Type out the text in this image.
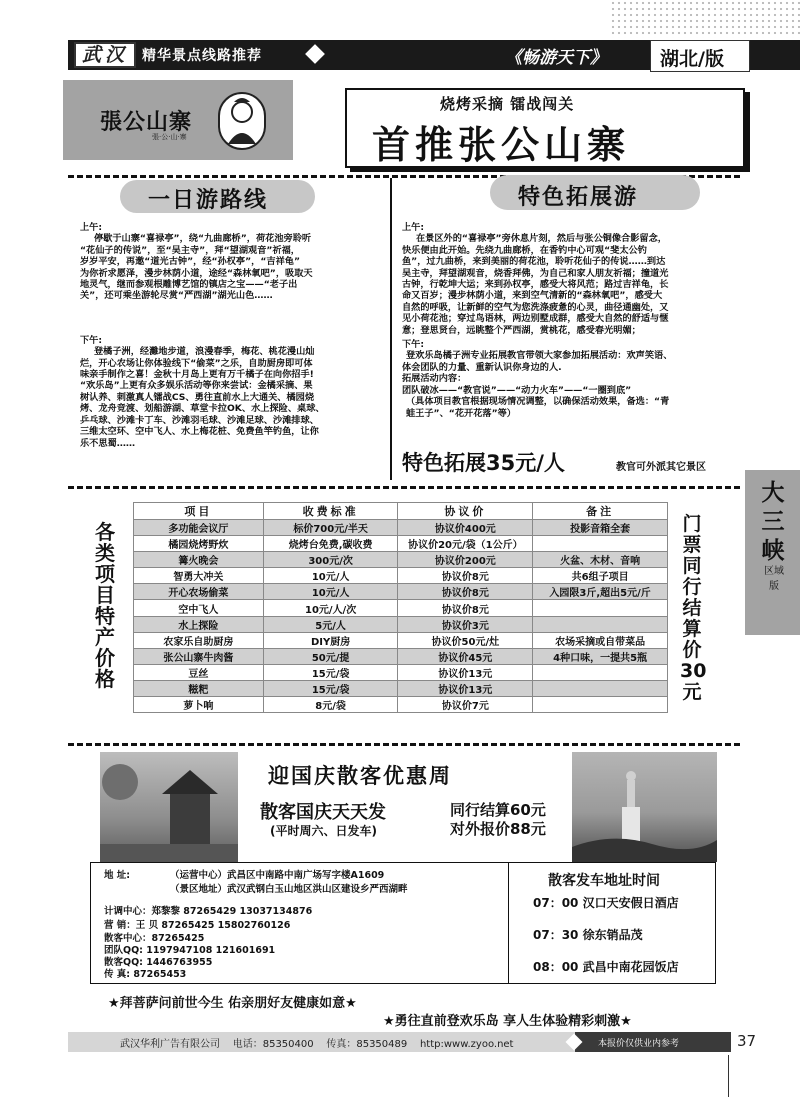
武汉	精华景点线路推荐	《畅游天下》	湖北/版
張公山寨
張·公·山·寨
烧烤采摘 镭战闯关
首推张公山寨
一日游路线	特色拓展游
上午:
停歇于山寨“喜禄亭”，绕“九曲廊桥”，荷花池旁聆听
“花仙子的传说”，至“吴主寺”，拜“望湖观音”祈福，
岁岁平安，再邀“道光古钟”，经“孙权亭”，“吉祥龟”
为你祈求愿泽，漫步林荫小道，途经“森林氧吧”，吸取天
地灵气，继而参观根雕博艺馆的镇店之宝——“老子出
关”，还可乘坐游轮尽赏“严西湖”湖光山色……
下午:
登橘子洲，经灘地步道，浪漫春季，梅花、桃花漫山灿
烂，开心农场让你体验线下“偷菜”之乐，自助厨房即可体
味亲手制作之喜！金秋十月岛上更有万千橘子在向你招手!
“欢乐岛”上更有众多娱乐活动等你来尝试：金橘采摘、果
树认养、刺激真人镭战CS、勇往直前水上大通关、橘园烧
烤、龙舟竞渡、划船游湖、草堂卡拉OK、水上探险、桌球、
乒乓球、沙滩卡丁车、沙滩羽毛球、沙滩足球、沙滩排球、
三维太空环、空中飞人、水上梅花桩、免费鱼竿钓鱼，让你
乐不思蜀……
上午:
在景区外的“喜禄亭”旁休息片刻，然后与张公铜像合影留念，
快乐便由此开始。先绕九曲廊桥，在香钓中心可观“斐太公钓
鱼”，过九曲桥，来到美丽的荷花池，聆听花仙子的传说……到达
吴主寺，拜望湖观音，烧香拜佛，为自己和家人朋友祈福；撞道光
古钟，行乾坤大运；来到孙权亭，感受大将风范；路过吉祥龟，长
命又百岁；漫步林荫小道，来到空气清新的“森林氧吧”，感受大
自然的呼吸，让新鲜的空气为您洗涤疲惫的心灵，曲径通幽处，又
见小荷花池；穿过鸟语林，两边别墅成群，感受大自然的舒适与惬
意；登思贤台，远眺整个严西湖，赏桃花，感受春光明媚；
下午:
登欢乐岛橘子洲专业拓展教官带领大家参加拓展活动：欢声笑语、
体会团队的力量、重新认识你身边的人.
拓展活动内容：
团队破冰——“教官说”——“动力火车”——“一圈到底”
（具体项目教官根据现场情况调整，以确保活动效果，备选：“青
蛙王子”、“花开花落”等）
特色拓展35元/人	教官可外派其它景区
大三峡
区域版
各类项目特产价格
门票同行结算价30元
项目	收费标准	协议价	备注
多功能会议厅	标价700元/半天	协议价400元	投影音箱全套
橘园烧烤野炊	烧烤台免费,碳收费	协议价20元/袋（1公斤）	
篝火晚会	300元/次	协议价200元	火盆、木材、音响
智勇大冲关	10元/人	协议价8元	共6组子项目
开心农场偷菜	10元/人	协议价8元	入园限3斤,超出5元/斤
空中飞人	10元/人/次	协议价8元	
水上探险	5元/人	协议价3元	
农家乐自助厨房	DIY厨房	协议价50元/灶	农场采摘或自带菜品
张公山寨牛肉酱	50元/提	协议价45元	4种口味，一提共5瓶
豆丝	15元/袋	协议价13元	
糍粑	15元/袋	协议价13元	
萝卜响	8元/袋	协议价7元	
迎国庆散客优惠周
散客国庆天天发
(平时周六、日发车)
同行结算60元
对外报价88元
地 址:	（运营中心）武昌区中南路中南广场写字楼A1609
（景区地址）武汉武钢白玉山地区洪山区建设乡严西湖畔
计调中心：郑黎黎 87265429 13037134876
营 销：王 贝 87265425 15802760126
散客中心：87265425
团队QQ: 1197947108 121601691
散客QQ: 1446763955
传 真: 87265453
散客发车地址时间
07：00 汉口天安假日酒店
07：30 徐东销品茂
08：00 武昌中南花园饭店
★拜菩萨问前世今生 佑亲朋好友健康如意★
★勇往直前登欢乐岛 享人生体验精彩刺激★
武汉华利广告有限公司 电话：85350400 传真：85350489 http:www.zyoo.net	本报价仅供业内参考	37
